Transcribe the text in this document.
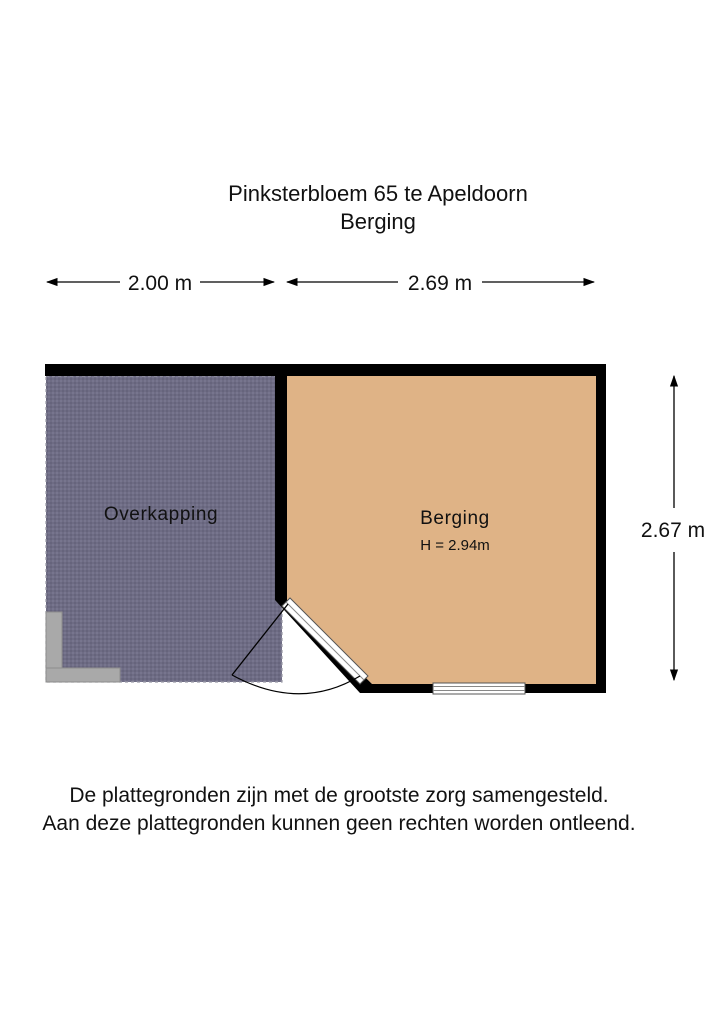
Pinksterbloem 65 te Apeldoorn
Berging
2.00 m	2.69 m
2.67 m
Overkapping	Berging
H = 2.94m
De plattegronden zijn met de grootste zorg samengesteld.
Aan deze plattegronden kunnen geen rechten worden ontleend.
